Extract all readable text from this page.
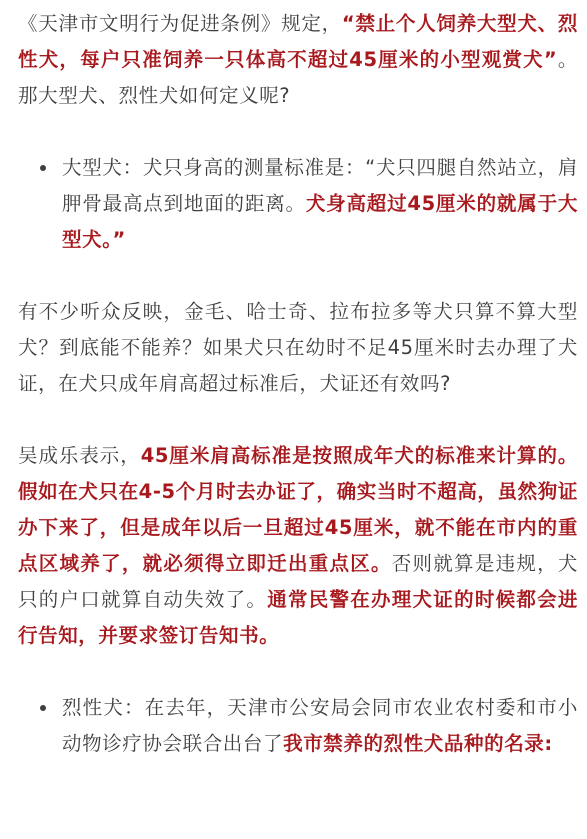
《天津市文明行为促进条例》规定，“禁止个人饲养大型犬、烈性犬，每户只准饲养一只体高不超过45厘米的小型观赏犬”。那大型犬、烈性犬如何定义呢?

大型犬：犬只身高的测量标准是：“犬只四腿自然站立，肩胛骨最高点到地面的距离。犬身高超过45厘米的就属于大型犬。”

有不少听众反映，金毛、哈士奇、拉布拉多等犬只算不算大型犬？到底能不能养？如果犬只在幼时不足45厘米时去办理了犬证，在犬只成年肩高超过标准后，犬证还有效吗?

吴成乐表示，45厘米肩高标准是按照成年犬的标准来计算的。假如在犬只在4-5个月时去办证了，确实当时不超高，虽然狗证办下来了，但是成年以后一旦超过45厘米，就不能在市内的重点区域养了，就必须得立即迁出重点区。否则就算是违规，犬只的户口就算自动失效了。通常民警在办理犬证的时候都会进行告知，并要求签订告知书。

烈性犬：在去年，天津市公安局会同市农业农村委和市小动物诊疗协会联合出台了我市禁养的烈性犬品种的名录:
